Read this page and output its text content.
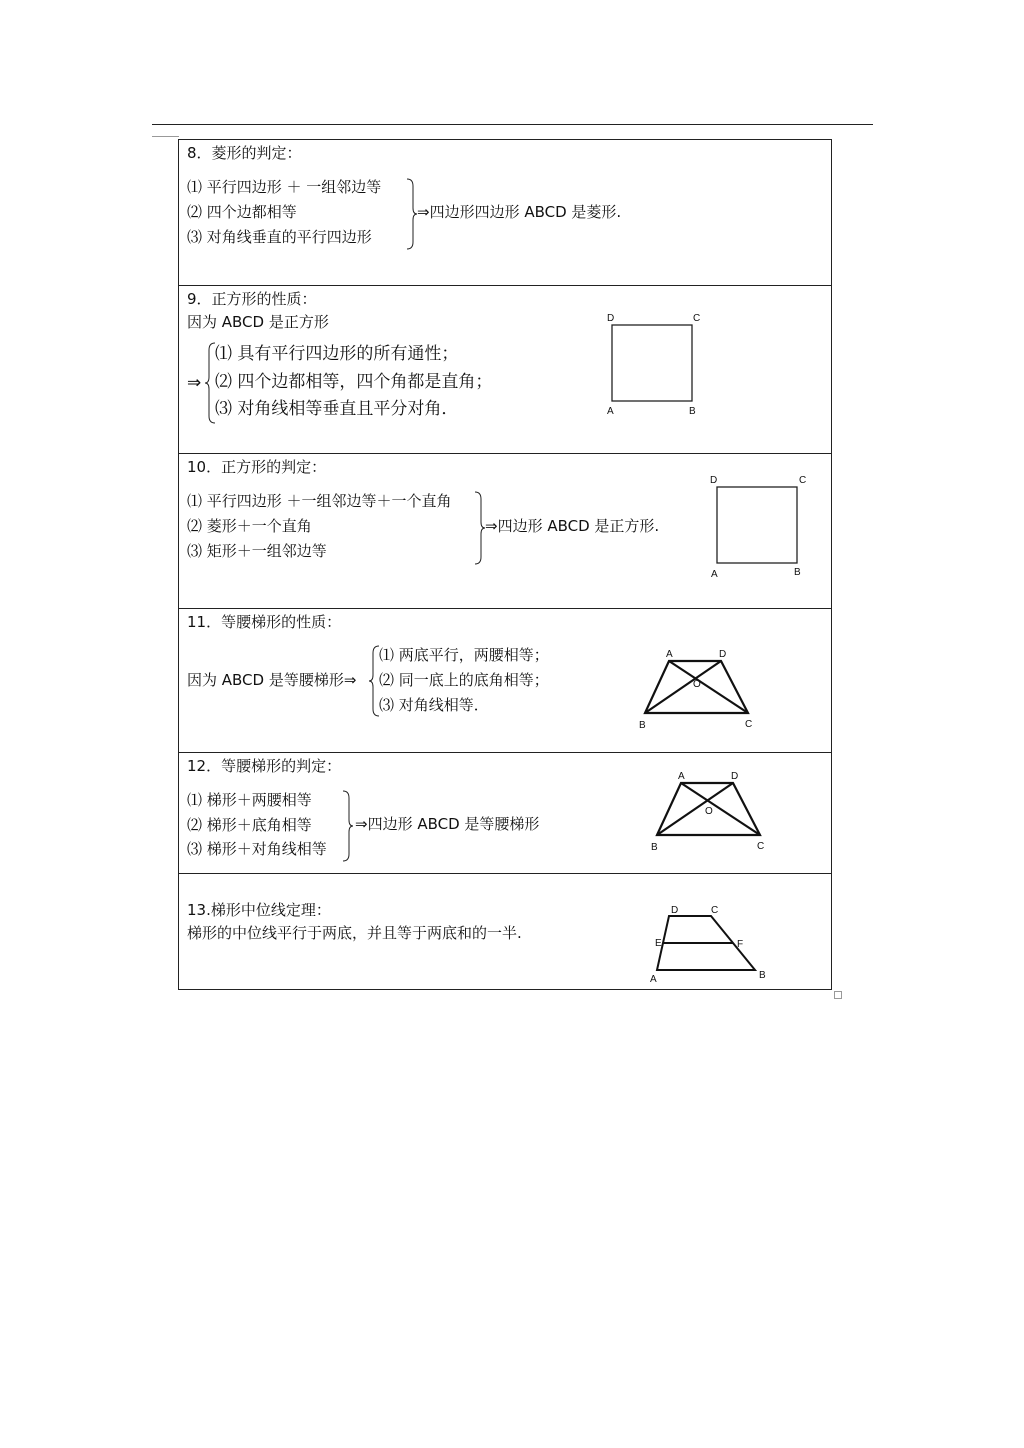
8．菱形的判定：
⑴ 平行四边形 ＋ 一组邻边等
⑵ 四个边都相等
⑶ 对角线垂直的平行四边形
⇒四边形四边形 ABCD 是菱形.
9．正方形的性质：
因为 ABCD 是正方形
⇒
⑴ 具有平行四边形的所有通性；
⑵ 四个边都相等，四个角都是直角；
⑶ 对角线相等垂直且平分对角．
D	C
A	B
10．正方形的判定：
⑴ 平行四边形 ＋一组邻边等＋一个直角
⑵ 菱形＋一个直角
⑶ 矩形＋一组邻边等
⇒四边形 ABCD 是正方形.
D	C
A	B
11．等腰梯形的性质：
因为 ABCD 是等腰梯形⇒
⑴ 两底平行，两腰相等；
⑵ 同一底上的底角相等；
⑶ 对角线相等．
A	D
O
B	C
12．等腰梯形的判定：
⑴ 梯形＋两腰相等
⑵ 梯形＋底角相等
⑶ 梯形＋对角线相等
⇒四边形 ABCD 是等腰梯形
A	D
O
B	C
13.梯形中位线定理：
梯形的中位线平行于两底，并且等于两底和的一半.
D	C
E	F
A	B
